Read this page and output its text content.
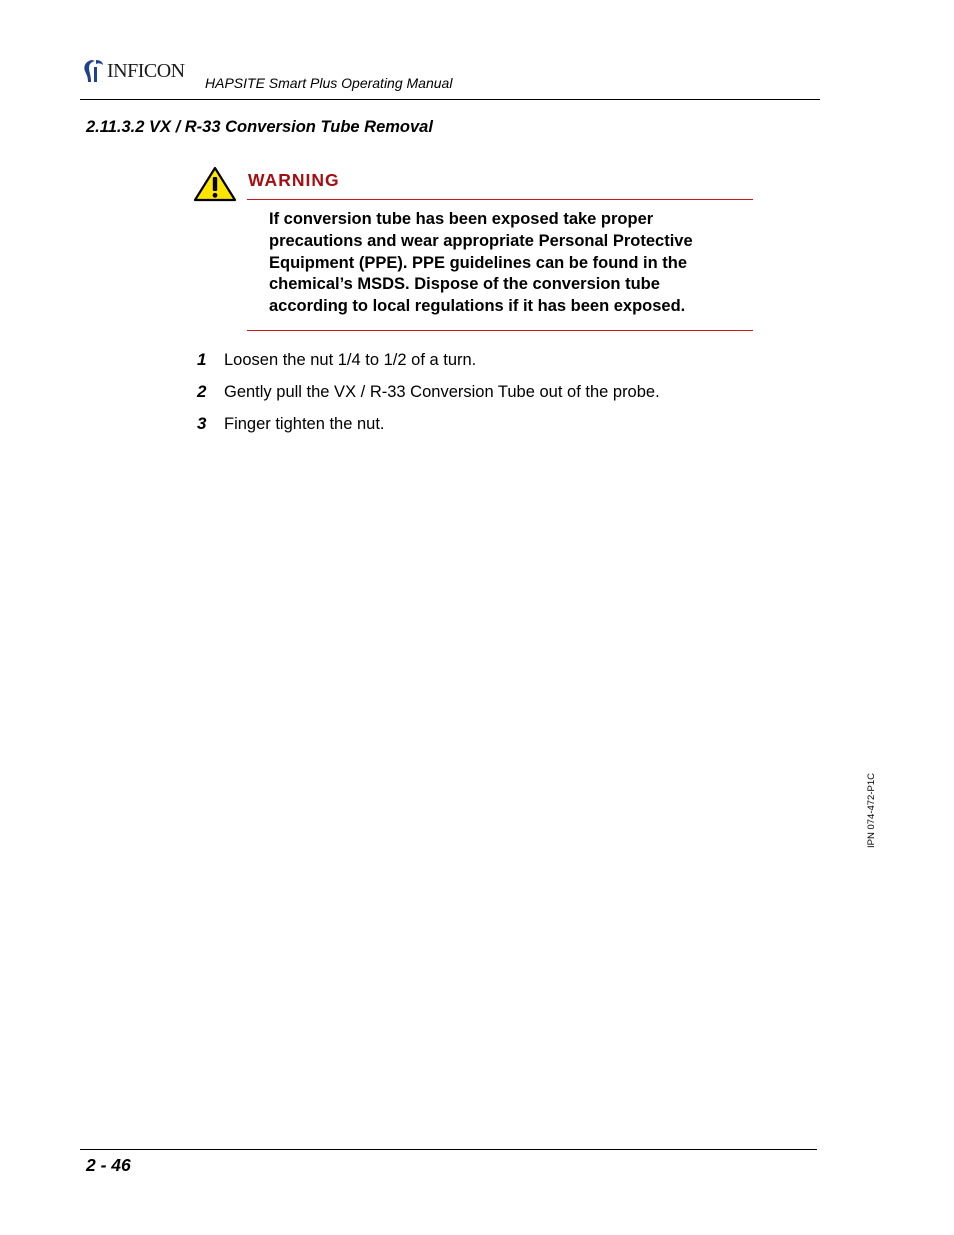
INFICON
HAPSITE Smart Plus Operating Manual
2.11.3.2 VX / R-33 Conversion Tube Removal
WARNING
If conversion tube has been exposed take proper
precautions and wear appropriate Personal Protective
Equipment (PPE). PPE guidelines can be found in the
chemical’s MSDS. Dispose of the conversion tube
according to local regulations if it has been exposed.
1 Loosen the nut 1/4 to 1/2 of a turn.
2 Gently pull the VX / R-33 Conversion Tube out of the probe.
3 Finger tighten the nut.
IPN 074-472-P1C
2 - 46
